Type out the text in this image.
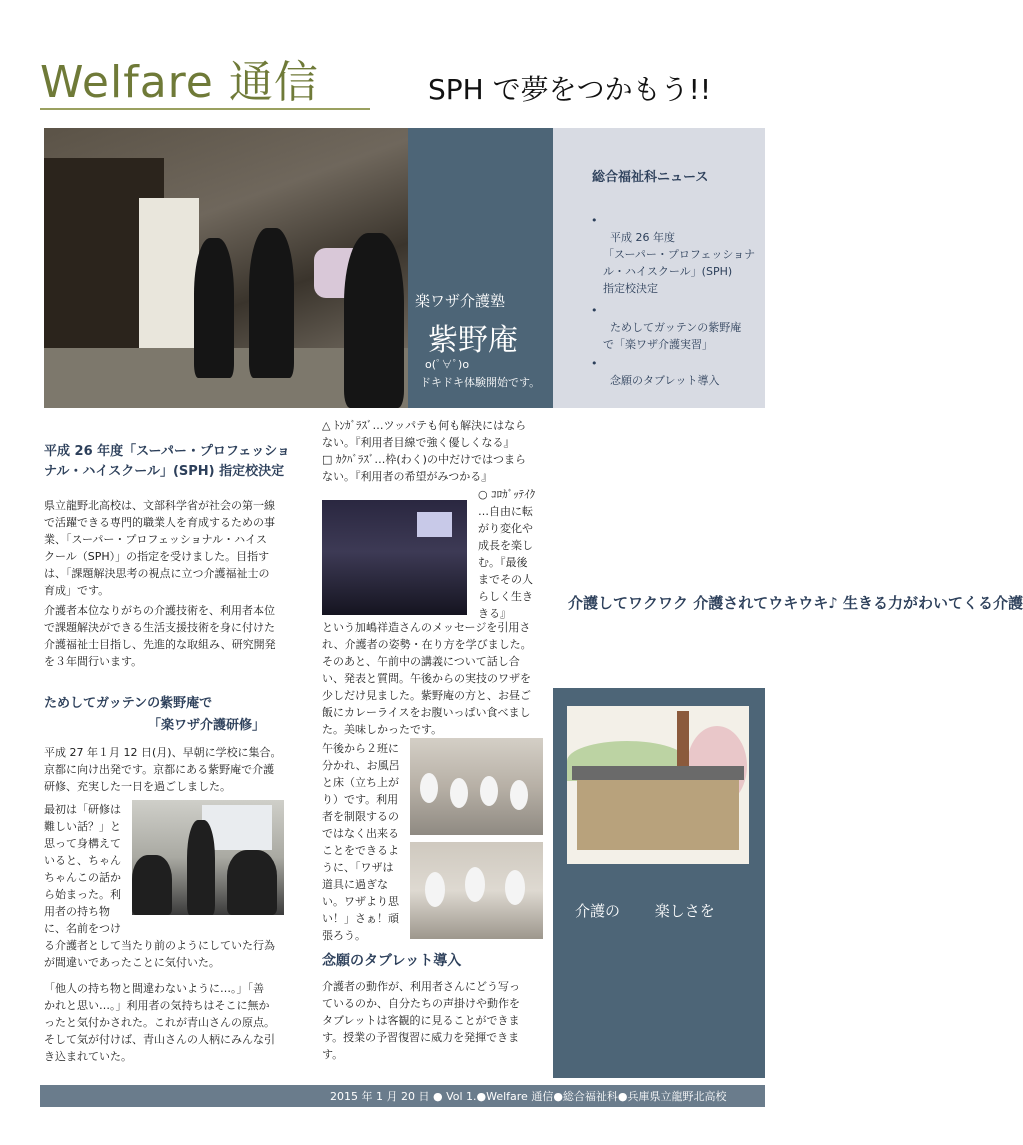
Welfare 通信	SPH で夢をつかもう!!
楽ワザ介護塾
紫野庵
o(ﾟ∀ﾟ)o
ドキドキ体験開始です。
総合福祉科ニュース

•
平成 26 年度
「スーパー・プロフェッショナ
ル・ハイスクール」(SPH)
指定校決定

•
ためしてガッテンの紫野庵
で「楽ワザ介護実習」

•
念願のタブレット導入

平成 26 年度「スーパー・プロフェッショ
ナル・ハイスクール」(SPH) 指定校決定
県立龍野北高校は、文部科学省が社会の第一線
で活躍できる専門的職業人を育成するための事
業、「スーパー・プロフェッショナル・ハイス
クール（SPH）」の指定を受けました。目指す
は、「課題解決思考の視点に立つ介護福祉士の
育成」です。
介護者本位なりがちの介護技術を、利用者本位
で課題解決ができる生活支援技術を身に付けた
介護福祉士目指し、先進的な取組み、研究開発
を３年間行います。
ためしてガッテンの紫野庵で
「楽ワザ介護研修」
平成 27 年１月 12 日(月)、早朝に学校に集合。
京都に向け出発です。京都にある紫野庵で介護
研修、充実した一日を過ごしました。
最初は「研修は
難しい話？」と
思って身構えて
いると、ちゃん
ちゃんこの話か
ら始まった。利
用者の持ち物
に、名前をつけ
る介護者として当たり前のようにしていた行為
が間違いであったことに気付いた。
「他人の持ち物と間違わないように…。」「善
かれと思い…。」利用者の気持ちはそこに無か
ったと気付かされた。これが青山さんの原点。
そして気が付けば、青山さんの人柄にみんな引
き込まれていた。
△ ﾄﾝｶﾞﾗｽﾞ…ツッパテも何も解決にはなら
ない。『利用者目線で強く優しくなる』
□ ｶｸﾊﾞﾗｽﾞ…枠(わく)の中だけではつまら
ない。『利用者の希望がみつかる』
○ ｺﾛｶﾞｯﾃｲｸ
…自由に転
がり変化や
成長を楽し
む。『最後
までその人
らしく生き
きる』
という加嶋祥造さんのメッセージを引用さ
れ、介護者の姿勢・在り方を学びました。
そのあと、午前中の講義について話し合
い、発表と質問。午後からの実技のワザを
少しだけ見ました。紫野庵の方と、お昼ご
飯にカレーライスをお腹いっぱい食べまし
た。美味しかったです。
午後から２班に
分かれ、お風呂
と床（立ち上が
り）です。利用
者を制限するの
ではなく出来る
ことをできるよ
うに、「ワザは
道具に過ぎな
い。ワザより思
い！」さぁ！頑
張ろう。
念願のタブレット導入
介護者の動作が、利用者さんにどう写っ
ているのか、自分たちの声掛けや動作を
タブレットは客観的に見ることができま
す。授業の予習復習に威力を発揮できま
す。
介護してワクワク 介護されてウキウキ♪ 生きる力がわいてくる介護
介護の 　　楽しさを 　　　　伝えたい
2015 年 1 月 20 日 ● Vol 1.●Welfare 通信●総合福祉科●兵庫県立龍野北高校
